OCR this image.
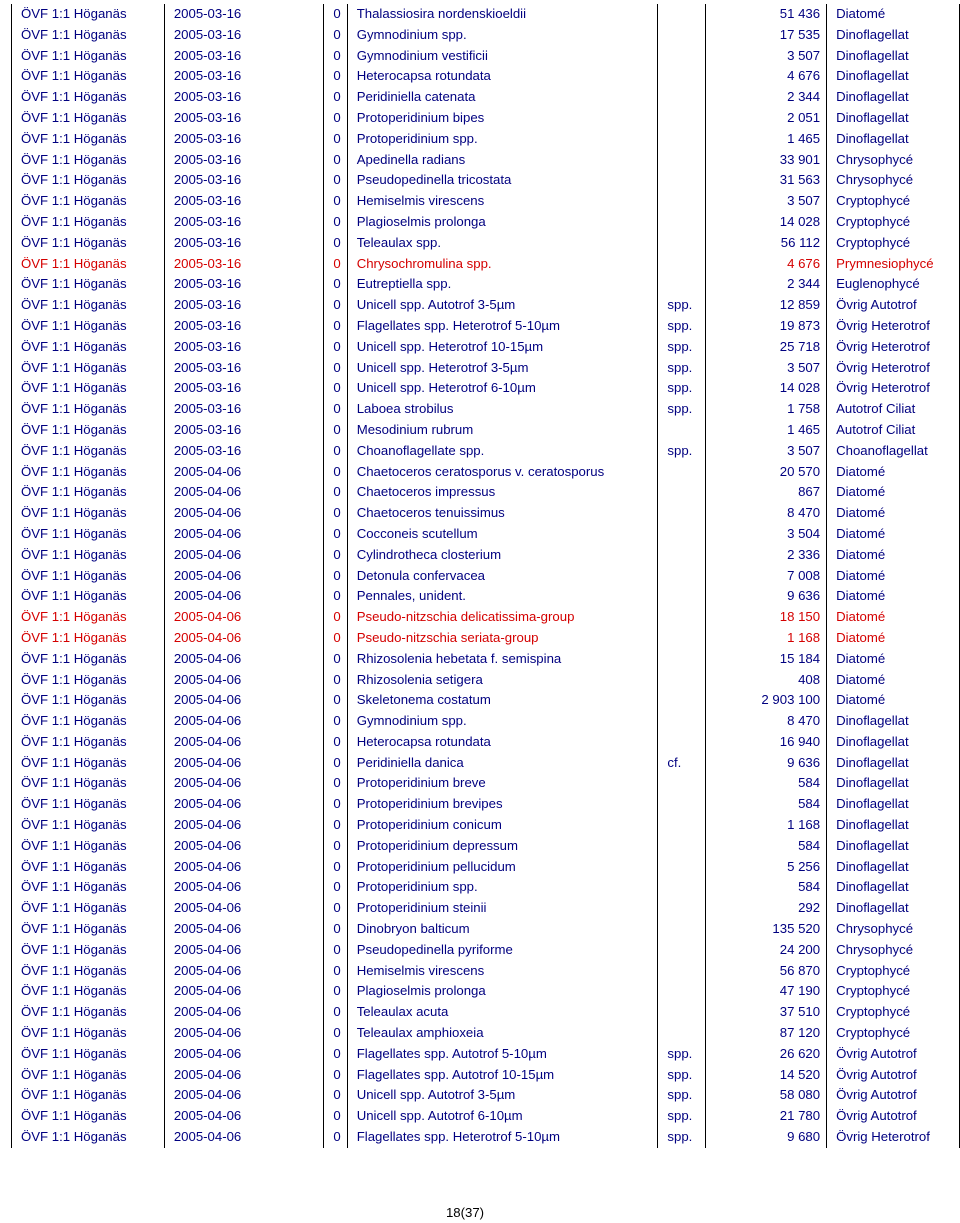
ÖVF 1:1 Höganäs	2005-03-16	0	Thalassiosira nordenskioeldii		51 436	Diatomé
ÖVF 1:1 Höganäs	2005-03-16	0	Gymnodinium spp.		17 535	Dinoflagellat
ÖVF 1:1 Höganäs	2005-03-16	0	Gymnodinium vestificii		3 507	Dinoflagellat
ÖVF 1:1 Höganäs	2005-03-16	0	Heterocapsa rotundata		4 676	Dinoflagellat
ÖVF 1:1 Höganäs	2005-03-16	0	Peridiniella catenata		2 344	Dinoflagellat
ÖVF 1:1 Höganäs	2005-03-16	0	Protoperidinium bipes		2 051	Dinoflagellat
ÖVF 1:1 Höganäs	2005-03-16	0	Protoperidinium spp.		1 465	Dinoflagellat
ÖVF 1:1 Höganäs	2005-03-16	0	Apedinella radians		33 901	Chrysophycé
ÖVF 1:1 Höganäs	2005-03-16	0	Pseudopedinella tricostata		31 563	Chrysophycé
ÖVF 1:1 Höganäs	2005-03-16	0	Hemiselmis virescens		3 507	Cryptophycé
ÖVF 1:1 Höganäs	2005-03-16	0	Plagioselmis prolonga		14 028	Cryptophycé
ÖVF 1:1 Höganäs	2005-03-16	0	Teleaulax spp.		56 112	Cryptophycé
ÖVF 1:1 Höganäs	2005-03-16	0	Chrysochromulina spp.		4 676	Prymnesiophycé
ÖVF 1:1 Höganäs	2005-03-16	0	Eutreptiella spp.		2 344	Euglenophycé
ÖVF 1:1 Höganäs	2005-03-16	0	Unicell spp. Autotrof 3-5µm	spp.	12 859	Övrig Autotrof
ÖVF 1:1 Höganäs	2005-03-16	0	Flagellates spp. Heterotrof 5-10µm	spp.	19 873	Övrig Heterotrof
ÖVF 1:1 Höganäs	2005-03-16	0	Unicell spp. Heterotrof 10-15µm	spp.	25 718	Övrig Heterotrof
ÖVF 1:1 Höganäs	2005-03-16	0	Unicell spp. Heterotrof 3-5µm	spp.	3 507	Övrig Heterotrof
ÖVF 1:1 Höganäs	2005-03-16	0	Unicell spp. Heterotrof 6-10µm	spp.	14 028	Övrig Heterotrof
ÖVF 1:1 Höganäs	2005-03-16	0	Laboea strobilus	spp.	1 758	Autotrof Ciliat
ÖVF 1:1 Höganäs	2005-03-16	0	Mesodinium rubrum		1 465	Autotrof Ciliat
ÖVF 1:1 Höganäs	2005-03-16	0	Choanoflagellate spp.	spp.	3 507	Choanoflagellat
ÖVF 1:1 Höganäs	2005-04-06	0	Chaetoceros ceratosporus v. ceratosporus		20 570	Diatomé
ÖVF 1:1 Höganäs	2005-04-06	0	Chaetoceros impressus		867	Diatomé
ÖVF 1:1 Höganäs	2005-04-06	0	Chaetoceros tenuissimus		8 470	Diatomé
ÖVF 1:1 Höganäs	2005-04-06	0	Cocconeis scutellum		3 504	Diatomé
ÖVF 1:1 Höganäs	2005-04-06	0	Cylindrotheca closterium		2 336	Diatomé
ÖVF 1:1 Höganäs	2005-04-06	0	Detonula confervacea		7 008	Diatomé
ÖVF 1:1 Höganäs	2005-04-06	0	Pennales, unident.		9 636	Diatomé
ÖVF 1:1 Höganäs	2005-04-06	0	Pseudo-nitzschia delicatissima-group		18 150	Diatomé
ÖVF 1:1 Höganäs	2005-04-06	0	Pseudo-nitzschia seriata-group		1 168	Diatomé
ÖVF 1:1 Höganäs	2005-04-06	0	Rhizosolenia hebetata f. semispina		15 184	Diatomé
ÖVF 1:1 Höganäs	2005-04-06	0	Rhizosolenia setigera		408	Diatomé
ÖVF 1:1 Höganäs	2005-04-06	0	Skeletonema costatum		2 903 100	Diatomé
ÖVF 1:1 Höganäs	2005-04-06	0	Gymnodinium spp.		8 470	Dinoflagellat
ÖVF 1:1 Höganäs	2005-04-06	0	Heterocapsa rotundata		16 940	Dinoflagellat
ÖVF 1:1 Höganäs	2005-04-06	0	Peridiniella danica	cf.	9 636	Dinoflagellat
ÖVF 1:1 Höganäs	2005-04-06	0	Protoperidinium breve		584	Dinoflagellat
ÖVF 1:1 Höganäs	2005-04-06	0	Protoperidinium brevipes		584	Dinoflagellat
ÖVF 1:1 Höganäs	2005-04-06	0	Protoperidinium conicum		1 168	Dinoflagellat
ÖVF 1:1 Höganäs	2005-04-06	0	Protoperidinium depressum		584	Dinoflagellat
ÖVF 1:1 Höganäs	2005-04-06	0	Protoperidinium pellucidum		5 256	Dinoflagellat
ÖVF 1:1 Höganäs	2005-04-06	0	Protoperidinium spp.		584	Dinoflagellat
ÖVF 1:1 Höganäs	2005-04-06	0	Protoperidinium steinii		292	Dinoflagellat
ÖVF 1:1 Höganäs	2005-04-06	0	Dinobryon balticum		135 520	Chrysophycé
ÖVF 1:1 Höganäs	2005-04-06	0	Pseudopedinella pyriforme		24 200	Chrysophycé
ÖVF 1:1 Höganäs	2005-04-06	0	Hemiselmis virescens		56 870	Cryptophycé
ÖVF 1:1 Höganäs	2005-04-06	0	Plagioselmis prolonga		47 190	Cryptophycé
ÖVF 1:1 Höganäs	2005-04-06	0	Teleaulax acuta		37 510	Cryptophycé
ÖVF 1:1 Höganäs	2005-04-06	0	Teleaulax amphioxeia		87 120	Cryptophycé
ÖVF 1:1 Höganäs	2005-04-06	0	Flagellates spp. Autotrof 5-10µm	spp.	26 620	Övrig Autotrof
ÖVF 1:1 Höganäs	2005-04-06	0	Flagellates spp. Autotrof 10-15µm	spp.	14 520	Övrig Autotrof
ÖVF 1:1 Höganäs	2005-04-06	0	Unicell spp. Autotrof 3-5µm	spp.	58 080	Övrig Autotrof
ÖVF 1:1 Höganäs	2005-04-06	0	Unicell spp. Autotrof 6-10µm	spp.	21 780	Övrig Autotrof
ÖVF 1:1 Höganäs	2005-04-06	0	Flagellates spp. Heterotrof 5-10µm	spp.	9 680	Övrig Heterotrof
18(37)
